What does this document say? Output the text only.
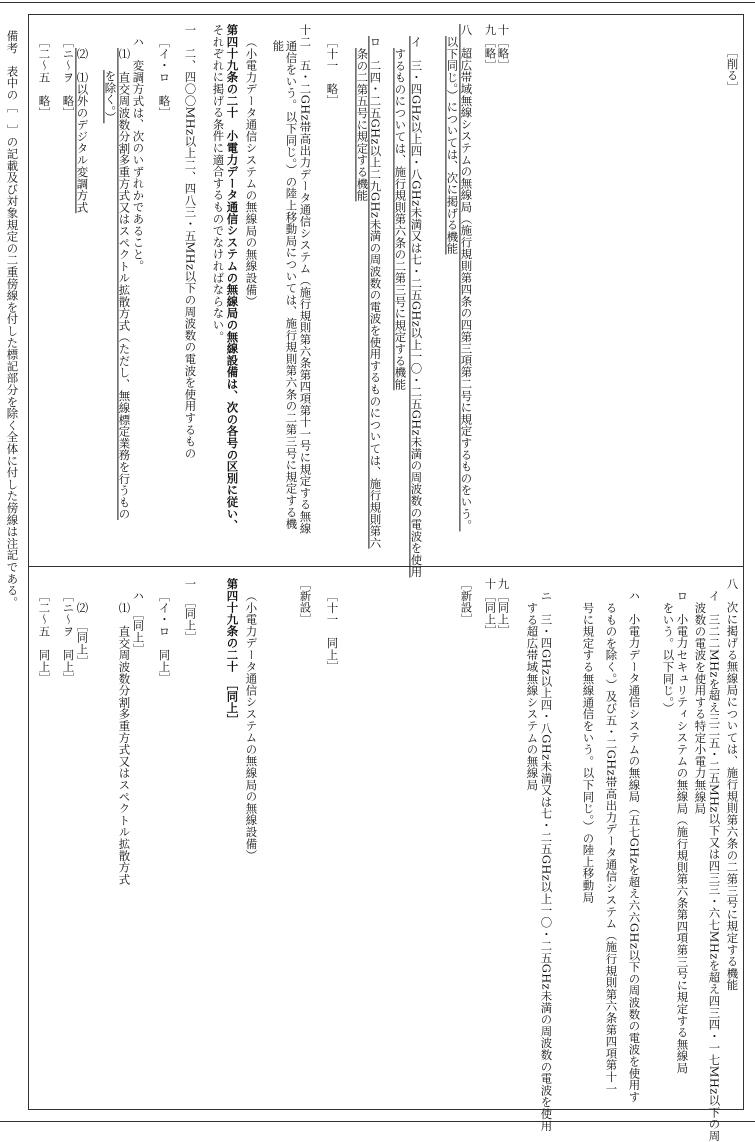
備考　表中の［　］の記載及び対象規定の二重傍線を付した標記部分を除く全体に付した傍線は注記である。	［削る］
十［略］
九［略］
八　超広帯域無線システムの無線局（施行規則第四条の四第三項第二号に規定するものをいう。
以下同じ。）については、次に掲げる機能
イ　三・四GHz以上四・八GHz未満又は七・二五GHz以上一〇・二五GHz未満の周波数の電波を使用
するものについては、施行規則第六条の二第三号に規定する機能
ロ　二四・二五GHz以上二九GHz未満の周波数の電波を使用するものについては、施行規則第六
条の二第五号に規定する機能
［十一　略］
十二　五・二GHz帯高出力データ通信システム（施行規則第六条第四項第十一号に規定する無線
通信をいう。以下同じ。）の陸上移動局については、施行規則第六条の二第三号に規定する機
能
（小電力データ通信システムの無線局の無線設備）
第四十九条の二十　小電力データ通信システムの無線局の無線設備は、次の各号の区別に従い、
それぞれに掲げる条件に適合するものでなければならない。
一　二、四〇〇MHz以上二、四八三・五MHz以下の周波数の電波を使用するもの
［イ・ロ　略］
ハ　変調方式は、次のいずれかであること。
⑴　直交周波数分割多重方式又はスペクトル拡散方式（ただし、無線標定業務を行うもの
を除く。）
⑵　⑴以外のデジタル変調方式
［ニ～ヲ　略］
［二～五　略］
八　次に掲げる無線局については、施行規則第六条の二第三号に規定する機能
イ　三二二MHzを超え三二五・二五MHz以下又は四三三・六七MHzを超え四三四・一七MHz以下の周
波数の電波を使用する特定小電力無線局
ロ　小電力セキュリティシステムの無線局（施行規則第六条第四項第三号に規定する無線局
をいう。以下同じ。）
ハ　小電力データ通信システムの無線局（五七GHzを超え六六GHz以下の周波数の電波を使用す
るものを除く。）及び五・二GHz帯高出力データ通信システム（施行規則第六条第四項第十一
号に規定する無線通信をいう。以下同じ。）の陸上移動局
ニ　三・四GHz以上四・八GHz未満又は七・二五GHz以上一〇・二五GHz未満の周波数の電波を使用
する超広帯域無線システムの無線局
九［同上］
十［同上］
［新設］
［十一　同上］
［新設］
（小電力データ通信システムの無線局の無線設備）
第四十九条の二十　［同上］
一　［同上］
［イ・ロ　同上］
ハ　［同上］
⑴　直交周波数分割多重方式又はスペクトル拡散方式
⑵　［同上］
［ニ～ヲ　同上］
［二～五　同上］
